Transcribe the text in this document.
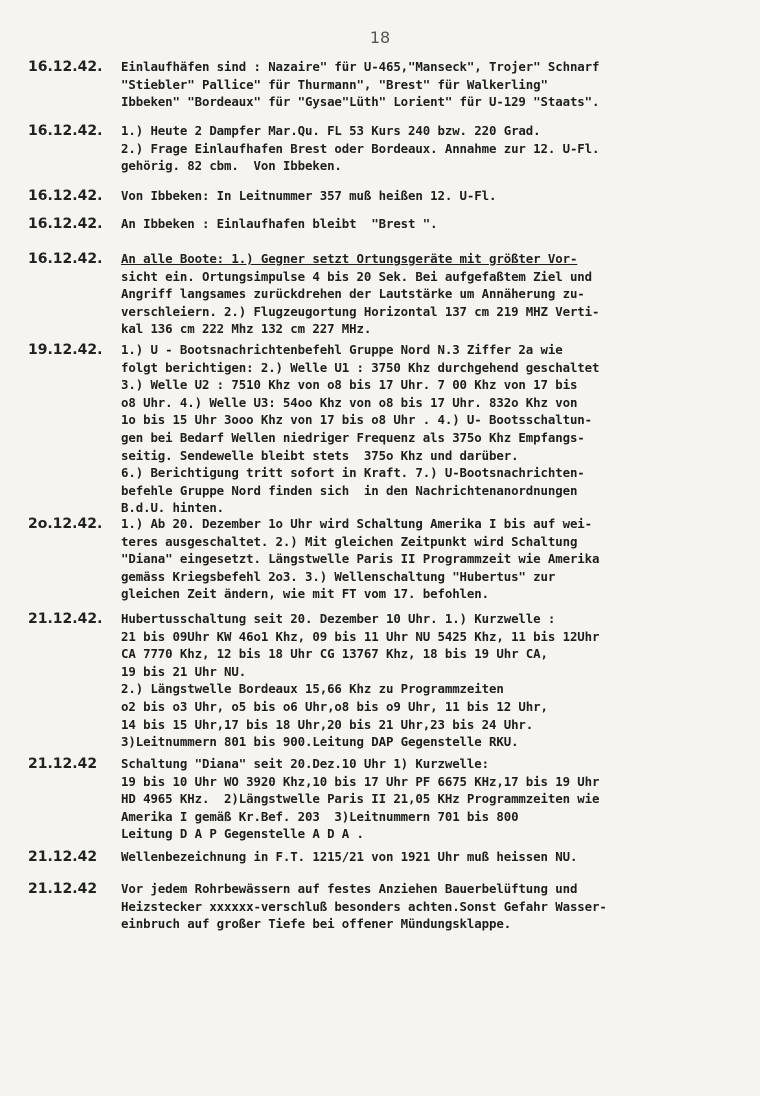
18
16.12.42.	Einlaufhäfen sind : Nazaire" für U-465,"Manseck", Trojer" Schnarf
"Stiebler" Pallice" für Thurmann", "Brest" für Walkerling"
Ibbeken" "Bordeaux" für "Gysae"Lüth" Lorient" für U-129 "Staats".
16.12.42.	1.) Heute 2 Dampfer Mar.Qu. FL 53 Kurs 240 bzw. 220 Grad.
2.) Frage Einlaufhafen Brest oder Bordeaux. Annahme zur 12. U-Fl.
gehörig. 82 cbm.  Von Ibbeken.
16.12.42.	Von Ibbeken: In Leitnummer 357 muß heißen 12. U-Fl.
16.12.42.	An Ibbeken : Einlaufhafen bleibt  "Brest ".
16.12.42.	An alle Boote: 1.) Gegner setzt Ortungsgeräte mit größter Vor-
sicht ein. Ortungsimpulse 4 bis 20 Sek. Bei aufgefaßtem Ziel und
Angriff langsames zurückdrehen der Lautstärke um Annäherung zu-
verschleiern. 2.) Flugzeugortung Horizontal 137 cm 219 MHZ Verti-
kal 136 cm 222 Mhz 132 cm 227 MHz.
19.12.42.	1.) U - Bootsnachrichtenbefehl Gruppe Nord N.3 Ziffer 2a wie
folgt berichtigen: 2.) Welle U1 : 3750 Khz durchgehend geschaltet
3.) Welle U2 : 7510 Khz von o8 bis 17 Uhr. 7 00 Khz von 17 bis
o8 Uhr. 4.) Welle U3: 54oo Khz von o8 bis 17 Uhr. 832o Khz von
1o bis 15 Uhr 3ooo Khz von 17 bis o8 Uhr . 4.) U- Bootsschaltun-
gen bei Bedarf Wellen niedriger Frequenz als 375o Khz Empfangs-
seitig. Sendewelle bleibt stets  375o Khz und darüber.
6.) Berichtigung tritt sofort in Kraft. 7.) U-Bootsnachrichten-
befehle Gruppe Nord finden sich  in den Nachrichtenanordnungen
B.d.U. hinten.
2o.12.42.	1.) Ab 20. Dezember 1o Uhr wird Schaltung Amerika I bis auf wei-
teres ausgeschaltet. 2.) Mit gleichen Zeitpunkt wird Schaltung
"Diana" eingesetzt. Längstwelle Paris II Programmzeit wie Amerika
gemäss Kriegsbefehl 2o3. 3.) Wellenschaltung "Hubertus" zur
gleichen Zeit ändern, wie mit FT vom 17. befohlen.
21.12.42.	Hubertusschaltung seit 20. Dezember 10 Uhr. 1.) Kurzwelle :
21 bis 09Uhr KW 46o1 Khz, 09 bis 11 Uhr NU 5425 Khz, 11 bis 12Uhr
CA 7770 Khz, 12 bis 18 Uhr CG 13767 Khz, 18 bis 19 Uhr CA,
19 bis 21 Uhr NU.
2.) Längstwelle Bordeaux 15,66 Khz zu Programmzeiten
o2 bis o3 Uhr, o5 bis o6 Uhr,o8 bis o9 Uhr, 11 bis 12 Uhr,
14 bis 15 Uhr,17 bis 18 Uhr,20 bis 21 Uhr,23 bis 24 Uhr.
3)Leitnummern 801 bis 900.Leitung DAP Gegenstelle RKU.
21.12.42	Schaltung "Diana" seit 20.Dez.10 Uhr 1) Kurzwelle:
19 bis 10 Uhr WO 3920 Khz,10 bis 17 Uhr PF 6675 KHz,17 bis 19 Uhr
HD 4965 KHz.  2)Längstwelle Paris II 21,05 KHz Programmzeiten wie
Amerika I gemäß Kr.Bef. 203  3)Leitnummern 701 bis 800
Leitung D A P Gegenstelle A D A .
21.12.42	Wellenbezeichnung in F.T. 1215/21 von 1921 Uhr muß heissen NU.
21.12.42	Vor jedem Rohrbewässern auf festes Anziehen Bauerbelüftung und
Heizstecker xxxxxx-verschluß besonders achten.Sonst Gefahr Wasser-
einbruch auf großer Tiefe bei offener Mündungsklappe.
